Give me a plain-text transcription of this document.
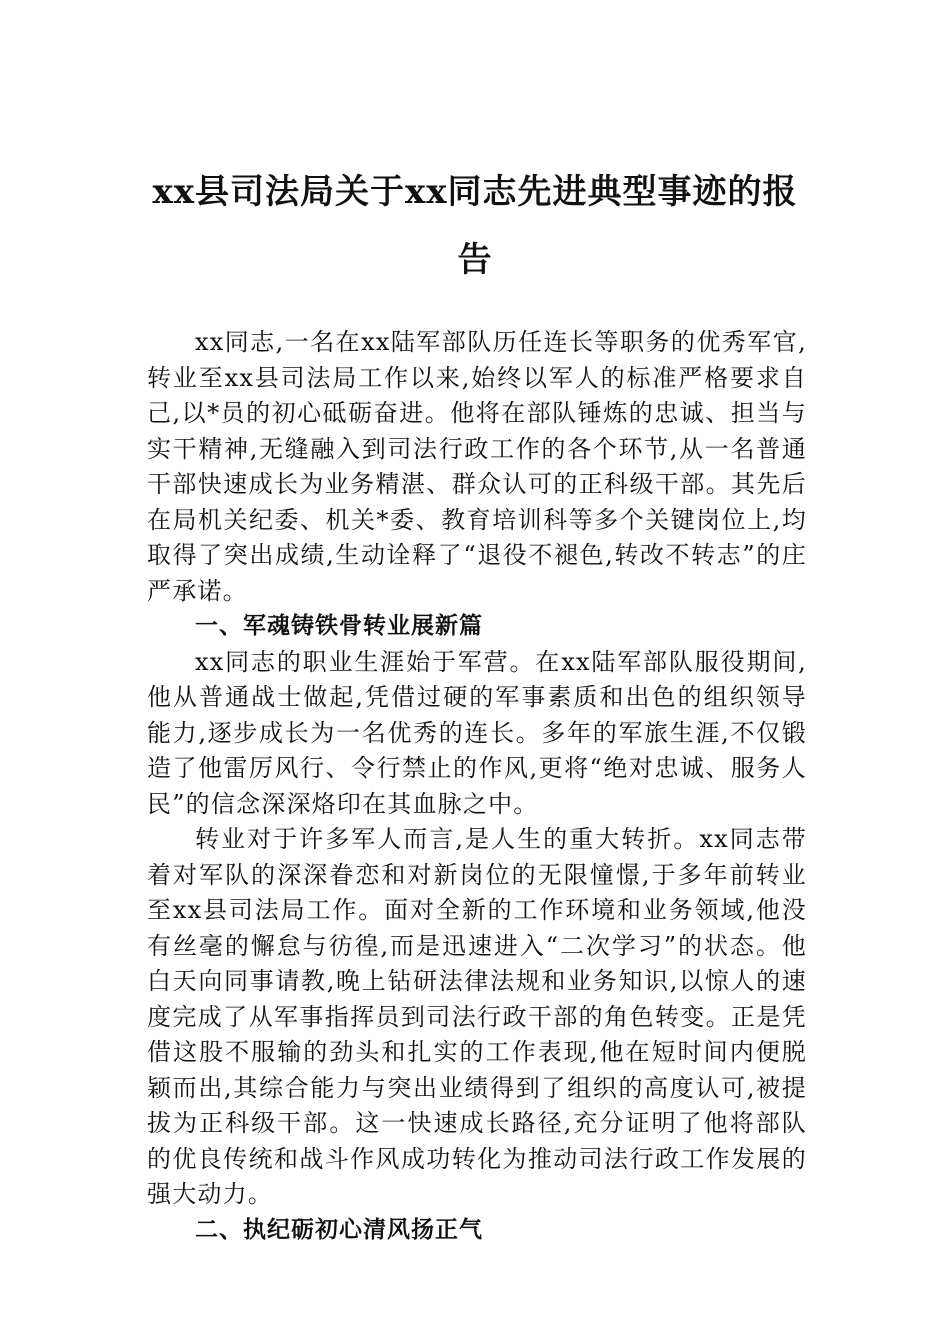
xx县司法局关于xx同志先进典型事迹的报告

xx同志,一名在xx陆军部队历任连长等职务的优秀军官,转业至xx县司法局工作以来,始终以军人的标准严格要求自己,以*员的初心砥砺奋进。他将在部队锤炼的忠诚、担当与实干精神,无缝融入到司法行政工作的各个环节,从一名普通干部快速成长为业务精湛、群众认可的正科级干部。其先后在局机关纪委、机关*委、教育培训科等多个关键岗位上,均取得了突出成绩,生动诠释了“退役不褪色,转改不转志”的庄严承诺。

一、军魂铸铁骨转业展新篇

xx同志的职业生涯始于军营。在xx陆军部队服役期间,他从普通战士做起,凭借过硬的军事素质和出色的组织领导能力,逐步成长为一名优秀的连长。多年的军旅生涯,不仅锻造了他雷厉风行、令行禁止的作风,更将“绝对忠诚、服务人民”的信念深深烙印在其血脉之中。

转业对于许多军人而言,是人生的重大转折。xx同志带着对军队的深深眷恋和对新岗位的无限憧憬,于多年前转业至xx县司法局工作。面对全新的工作环境和业务领域,他没有丝毫的懈怠与彷徨,而是迅速进入“二次学习”的状态。他白天向同事请教,晚上钻研法律法规和业务知识,以惊人的速度完成了从军事指挥员到司法行政干部的角色转变。正是凭借这股不服输的劲头和扎实的工作表现,他在短时间内便脱颖而出,其综合能力与突出业绩得到了组织的高度认可,被提拔为正科级干部。这一快速成长路径,充分证明了他将部队的优良传统和战斗作风成功转化为推动司法行政工作发展的强大动力。

二、执纪砺初心清风扬正气
